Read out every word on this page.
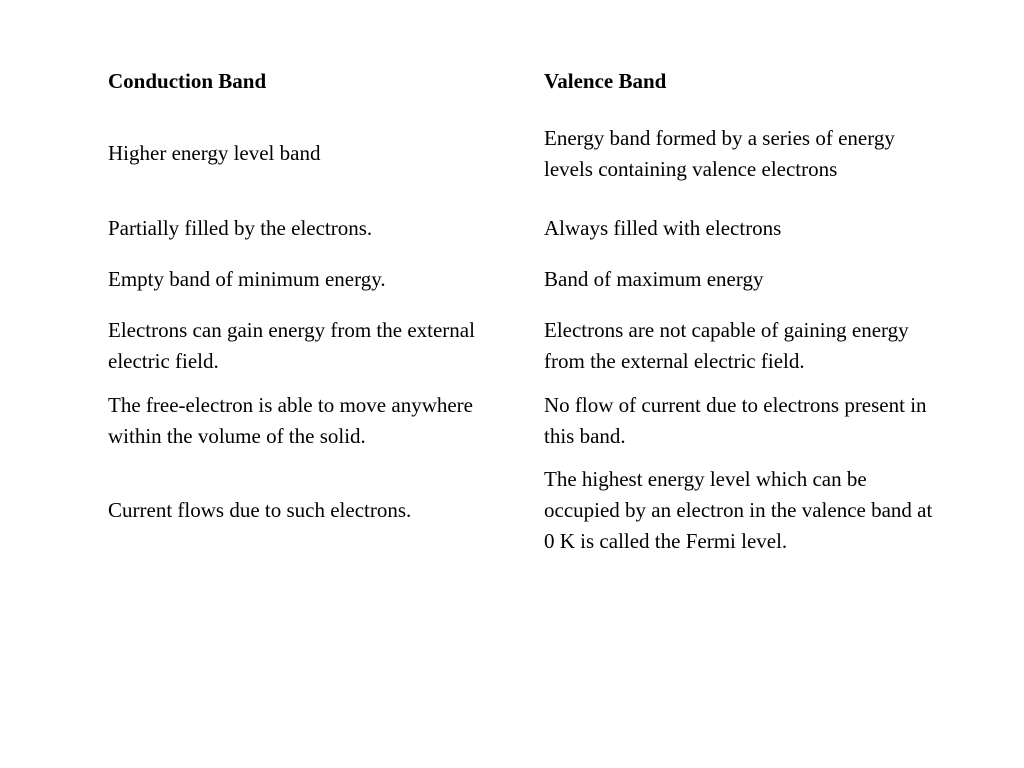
Conduction Band	Valence Band
Higher energy level band	Energy band formed by a series of energy levels containing valence electrons
Partially filled by the electrons.	Always filled with electrons
Empty band of minimum energy.	Band of maximum energy
Electrons can gain energy from the external electric field.	Electrons are not capable of gaining energy from the external electric field.
The free-electron is able to move anywhere within the volume of the solid.	No flow of current due to electrons present in this band.
Current flows due to such electrons.	The highest energy level which can be occupied by an electron in the valence band at 0 K is called the Fermi level.
